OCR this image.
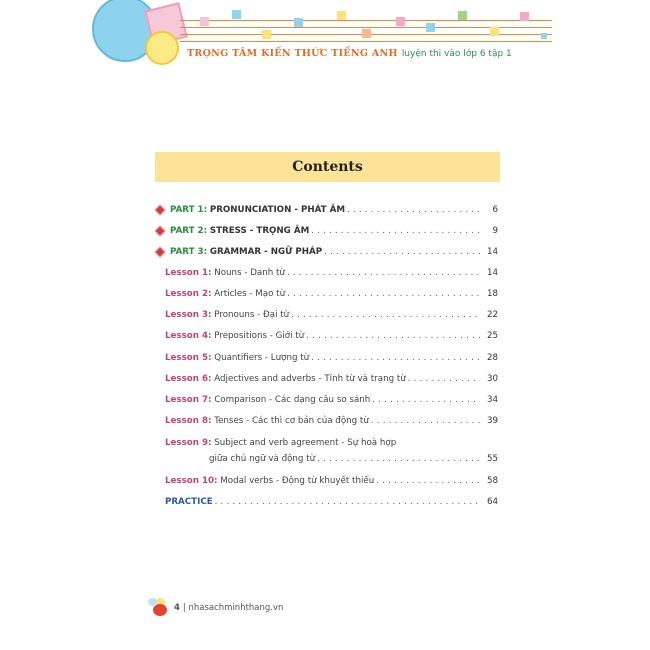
TRỌNG TÂM KIẾN THỨC TIẾNG ANH luyện thi vào lớp 6 tập 1
Contents
PART 1:
PRONUNCIATION - PHÁT ÂM . . .	6
PART 2:
STRESS - TRỌNG ÂM . . .	9
PART 3:
GRAMMAR - NGỮ PHÁP . . .	14
Lesson 1:
Nouns - Danh từ . . .	14
Lesson 2:
Articles - Mạo từ . . .	18
Lesson 3:
Pronouns - Đại từ . . .	22
Lesson 4:
Prepositions - Giới từ . . .	25
Lesson 5:
Quantifiers - Lượng từ . . .	28
Lesson 6:
Adjectives and adverbs - Tính từ và trạng từ . . .	30
Lesson 7:
Comparison - Các dạng câu so sánh . . .	34
Lesson 8:
Tenses - Các thì cơ bản của động từ . . .	39
Lesson 9:
Subject and verb agreement - Sự hoà hợp
giữa chủ ngữ và động từ . . .	55
Lesson 10:
Modal verbs - Động từ khuyết thiếu . . .	58
PRACTICE . . .	64
4 | nhasachminhthang.vn
